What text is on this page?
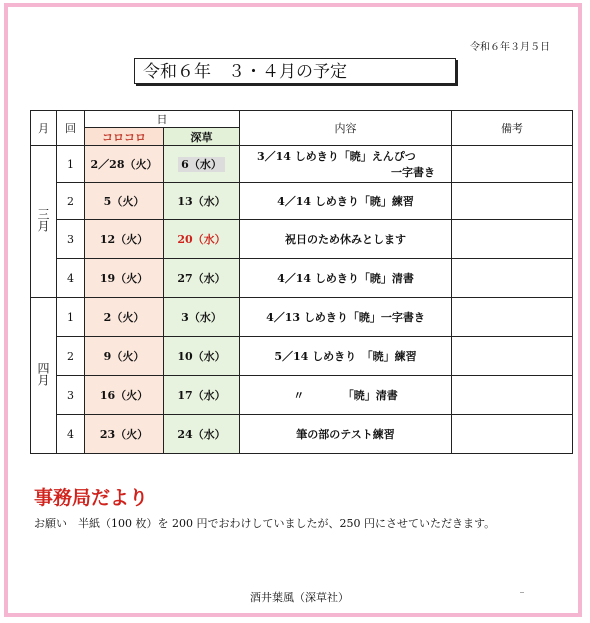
令和６年３月５日
令和６年　３・４月の予定
月	回	日		内容	備考
		コロコロ	深草		
三月	1	2／28（火）	6（水）	3／14 しめきり「暁」えんぴつ
一字書き	

	2	5（火）	13（水）	4／14 しめきり「暁」練習	
	3	12（火）	20（水）	祝日のため休みとします	
	4	19（火）	27（水）	4／14 しめきり「暁」清書	
四月	1	2（火）	3（水）	4／13 しめきり「暁」一字書き	
	2	9（火）	10（水）	5／14 しめきり　「暁」練習	
	3	16（火）	17（水）	〃　　　　「暁」清書	
	4	23（火）	24（水）	筆の部のテスト練習	
事務局だより
お願い　半紙（100 枚）を 200 円でおわけしていましたが、250 円にさせていただきます。
酒井葉風（深草社）
